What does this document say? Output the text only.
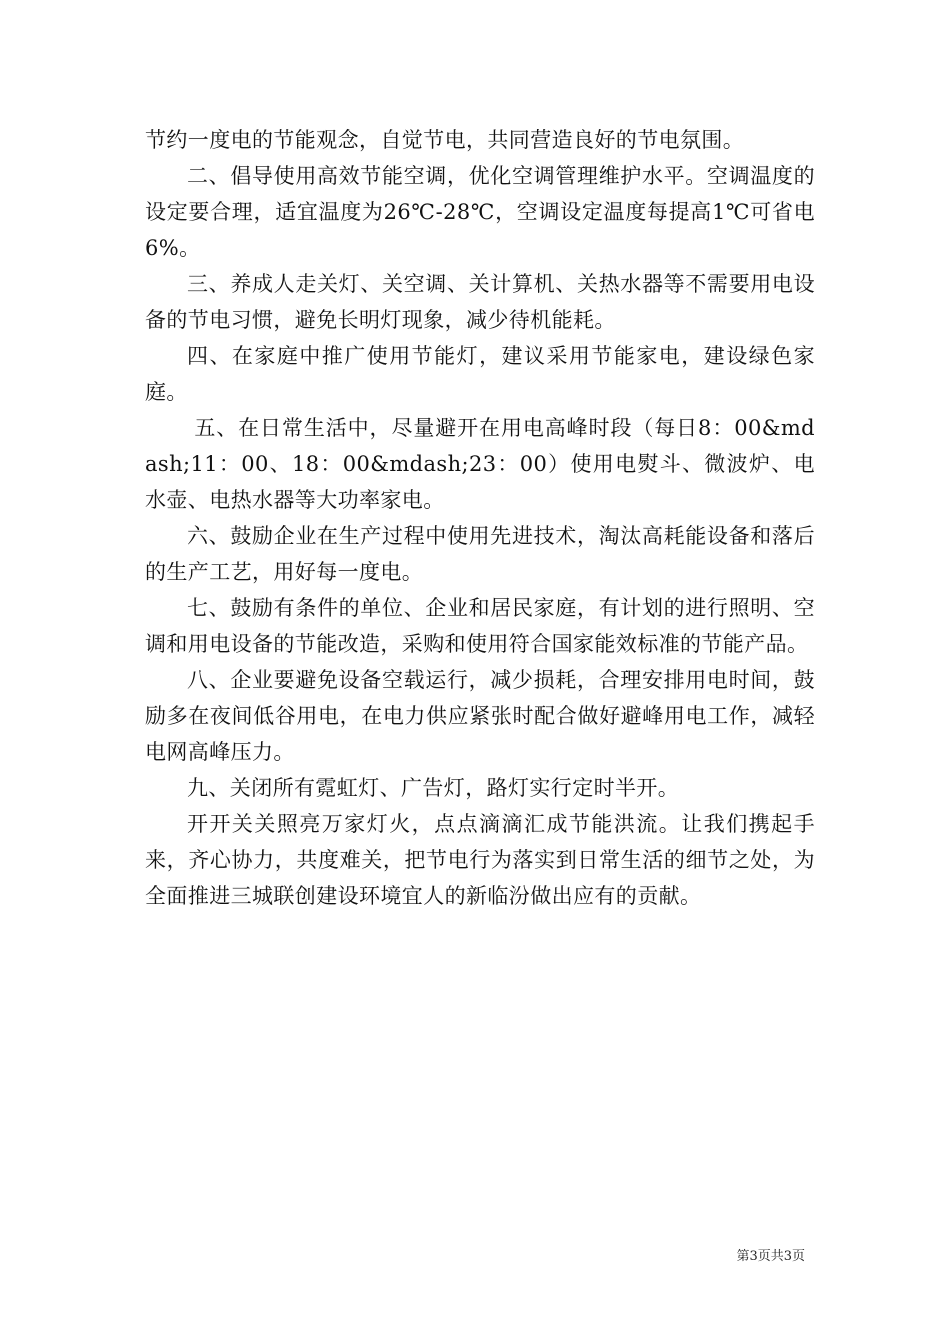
节约一度电的节能观念，自觉节电，共同营造良好的节电氛围。

二、倡导使用高效节能空调，优化空调管理维护水平。空调温度的设定要合理，适宜温度为26℃-28℃，空调设定温度每提高1℃可省电6%。

三、养成人走关灯、关空调、关计算机、关热水器等不需要用电设备的节电习惯，避免长明灯现象，减少待机能耗。

四、在家庭中推广使用节能灯，建议采用节能家电，建设绿色家庭。

五、在日常生活中，尽量避开在用电高峰时段（每日8：00&mdash;11：00、18：00&mdash;23：00）使用电熨斗、微波炉、电水壶、电热水器等大功率家电。

六、鼓励企业在生产过程中使用先进技术，淘汰高耗能设备和落后的生产工艺，用好每一度电。

七、鼓励有条件的单位、企业和居民家庭，有计划的进行照明、空调和用电设备的节能改造，采购和使用符合国家能效标准的节能产品。

八、企业要避免设备空载运行，减少损耗，合理安排用电时间，鼓励多在夜间低谷用电，在电力供应紧张时配合做好避峰用电工作，减轻电网高峰压力。

九、关闭所有霓虹灯、广告灯，路灯实行定时半开。

开开关关照亮万家灯火，点点滴滴汇成节能洪流。让我们携起手来，齐心协力，共度难关，把节电行为落实到日常生活的细节之处，为全面推进三城联创建设环境宜人的新临汾做出应有的贡献。

第3页共3页
